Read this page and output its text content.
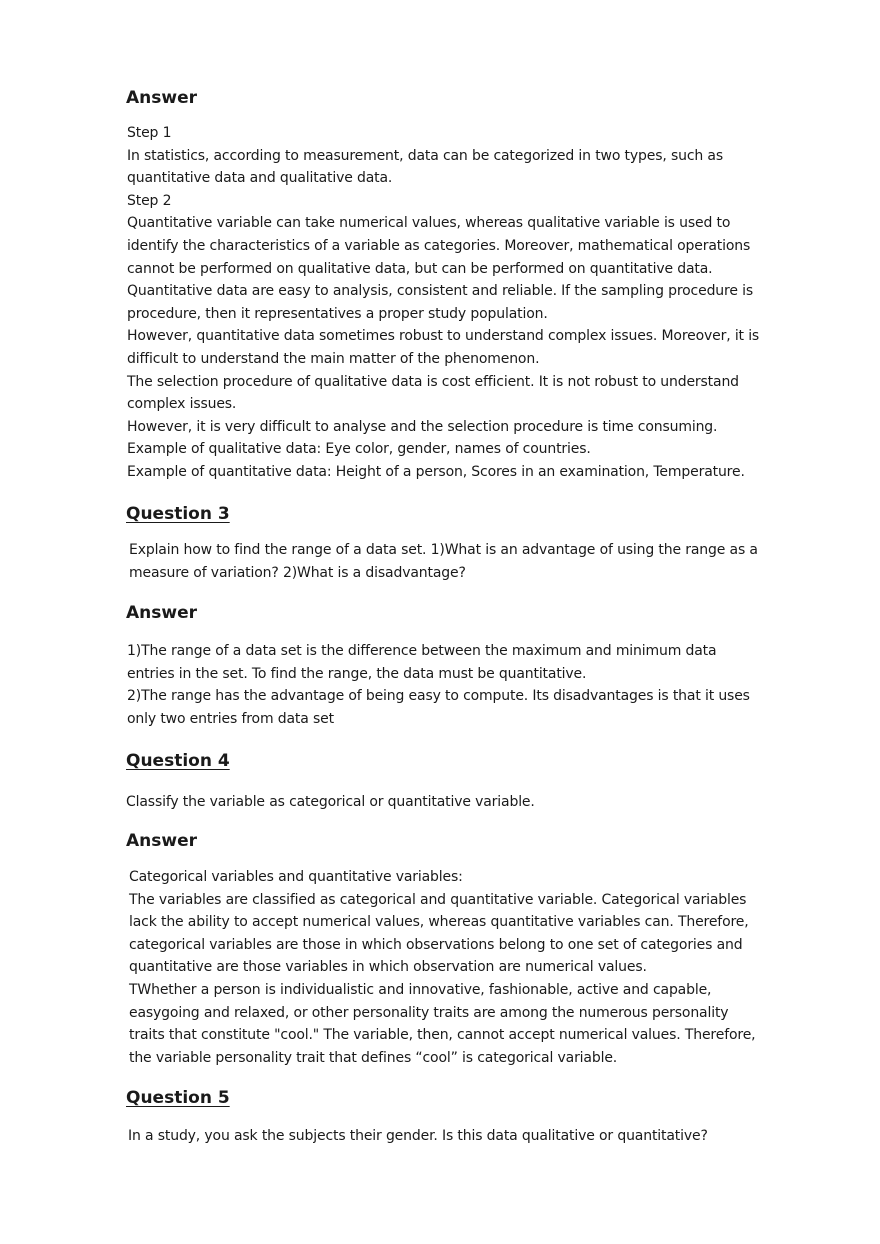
Answer
Step 1
In statistics, according to measurement, data can be categorized in two types, such as
quantitative data and qualitative data.
Step 2
Quantitative variable can take numerical values, whereas qualitative variable is used to
identify the characteristics of a variable as categories. Moreover, mathematical operations
cannot be performed on qualitative data, but can be performed on quantitative data.
Quantitative data are easy to analysis, consistent and reliable. If the sampling procedure is
procedure, then it representatives a proper study population.
However, quantitative data sometimes robust to understand complex issues. Moreover, it is
difficult to understand the main matter of the phenomenon.
The selection procedure of qualitative data is cost efficient. It is not robust to understand
complex issues.
However, it is very difficult to analyse and the selection procedure is time consuming.
Example of qualitative data: Eye color, gender, names of countries.
Example of quantitative data: Height of a person, Scores in an examination, Temperature.
Question 3
Explain how to find the range of a data set. 1)What is an advantage of using the range as a
measure of variation? 2)What is a disadvantage?
Answer
1)The range of a data set is the difference between the maximum and minimum data
entries in the set. To find the range, the data must be quantitative.
2)The range has the advantage of being easy to compute. Its disadvantages is that it uses
only two entries from data set
Question 4
Classify the variable as categorical or quantitative variable.
Answer
Categorical variables and quantitative variables:
The variables are classified as categorical and quantitative variable. Categorical variables
lack the ability to accept numerical values, whereas quantitative variables can. Therefore,
categorical variables are those in which observations belong to one set of categories and
quantitative are those variables in which observation are numerical values.
TWhether a person is individualistic and innovative, fashionable, active and capable,
easygoing and relaxed, or other personality traits are among the numerous personality
traits that constitute "cool." The variable, then, cannot accept numerical values. Therefore,
the variable personality trait that defines “cool” is categorical variable.
Question 5
In a study, you ask the subjects their gender. Is this data qualitative or quantitative?
